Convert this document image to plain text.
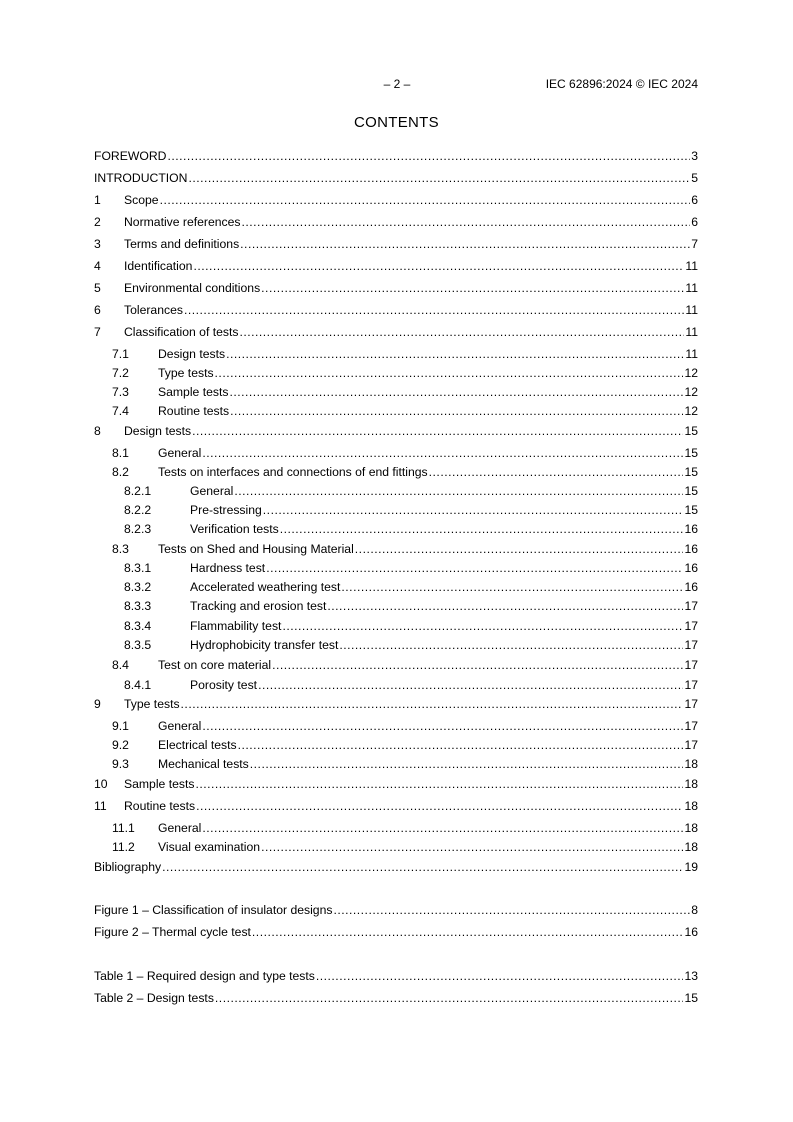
– 2 –	IEC 62896:2024 © IEC 2024
CONTENTS
FOREWORD .....	3
INTRODUCTION .....	5
1	Scope .....	6
2	Normative references .....	6
3	Terms and definitions .....	7
4	Identification .....	11
5	Environmental conditions .....	11
6	Tolerances .....	11
7	Classification of tests .....	11
7.1	Design tests .....	11
7.2	Type tests .....	12
7.3	Sample tests .....	12
7.4	Routine tests .....	12
8	Design tests .....	15
8.1	General .....	15
8.2	Tests on interfaces and connections of end fittings .....	15
8.2.1	General .....	15
8.2.2	Pre-stressing .....	15
8.2.3	Verification tests .....	16
8.3	Tests on Shed and Housing Material .....	16
8.3.1	Hardness test .....	16
8.3.2	Accelerated weathering test .....	16
8.3.3	Tracking and erosion test .....	17
8.3.4	Flammability test .....	17
8.3.5	Hydrophobicity transfer test .....	17
8.4	Test on core material .....	17
8.4.1	Porosity test .....	17
9	Type tests .....	17
9.1	General .....	17
9.2	Electrical tests .....	17
9.3	Mechanical tests .....	18
10	Sample tests .....	18
11	Routine tests .....	18
11.1	General .....	18
11.2	Visual examination .....	18
Bibliography .....	19
Figure 1 – Classification of insulator designs .....	8
Figure 2 – Thermal cycle test .....	16
Table 1 – Required design and type tests .....	13
Table 2 – Design tests .....	15
